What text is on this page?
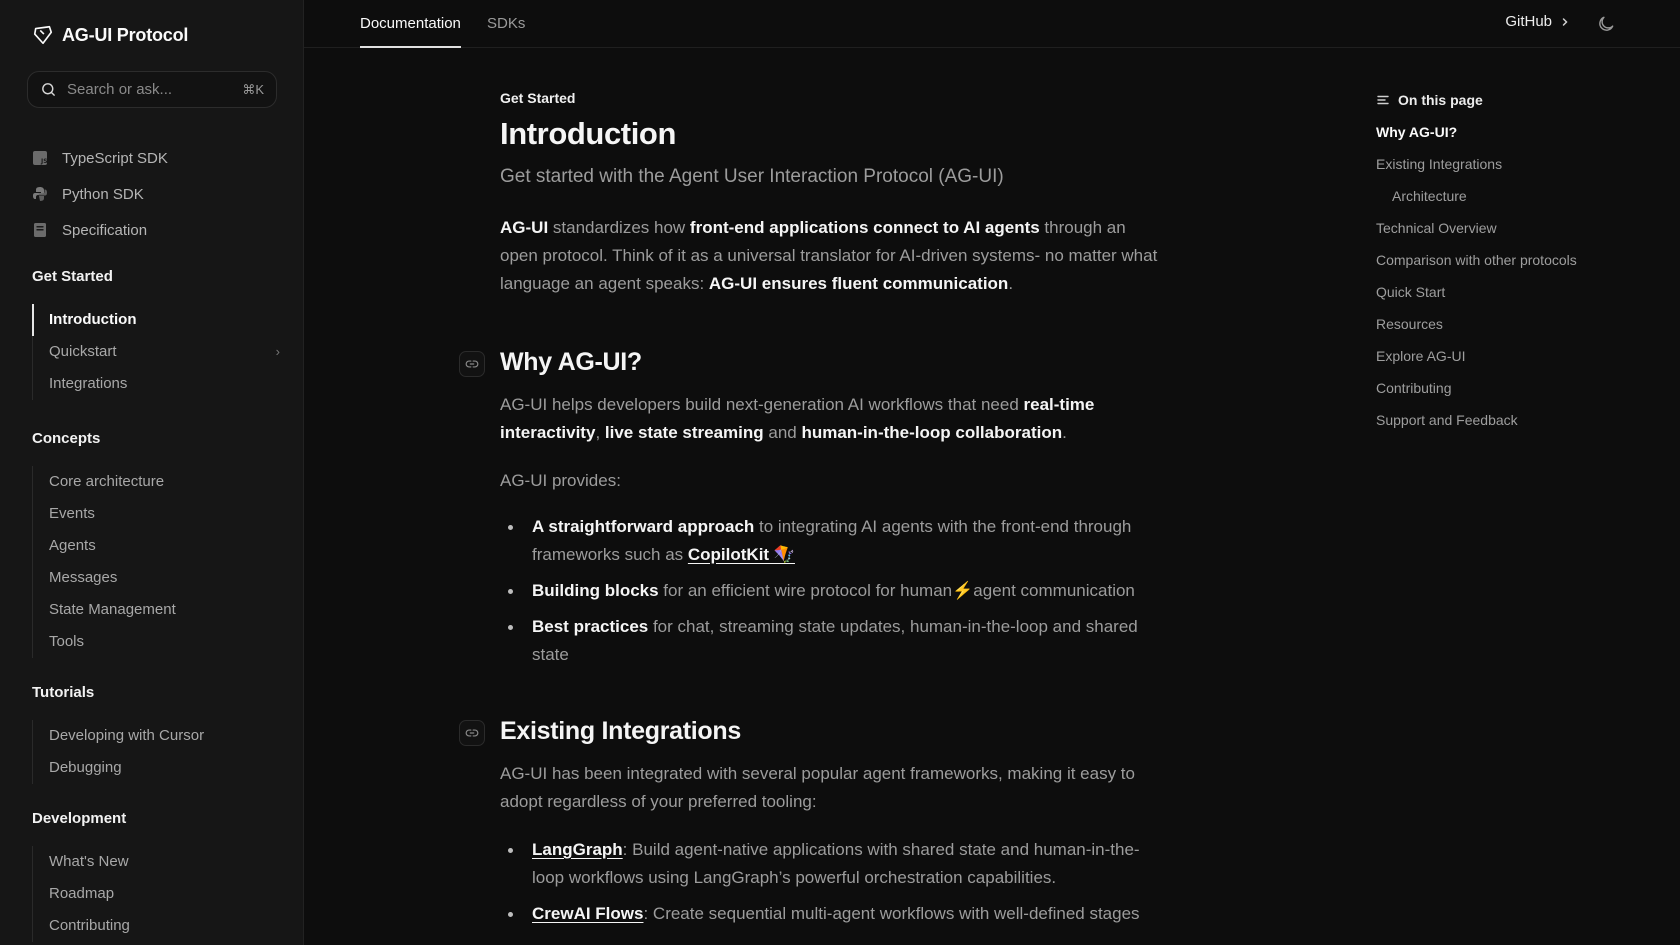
AG-UI Protocol
Search or ask...	⌘K
JS TypeScript SDK
Python SDK
Specification
Get Started
Introduction
Quickstart	›
Integrations
Concepts
Core architecture
Events
Agents
Messages
State Management
Tools
Tutorials
Developing with Cursor
Debugging
Development
What's New
Roadmap
Contributing
Documentation SDKs	GitHub
Get Started
Introduction
Get started with the Agent User Interaction Protocol (AG-UI)

AG-UI standardizes how front-end applications connect to AI agents through an open protocol. Think of it as a universal translator for AI-driven systems- no matter what language an agent speaks: AG-UI ensures fluent communication.

Why AG-UI?

AG-UI helps developers build next-generation AI workflows that need real-time interactivity, live state streaming and human-in-the-loop collaboration.

AG-UI provides:

A straightforward approach to integrating AI agents with the front-end through frameworks such as CopilotKit 🪁
Building blocks for an efficient wire protocol for human⚡️agent communication
Best practices for chat, streaming state updates, human-in-the-loop and shared state
Existing Integrations

AG-UI has been integrated with several popular agent frameworks, making it easy to adopt regardless of your preferred tooling:

LangGraph: Build agent-native applications with shared state and human-in-the-loop workflows using LangGraph’s powerful orchestration capabilities.
CrewAI Flows: Create sequential multi-agent workflows with well-defined stages
On this page
Why AG-UI?
Existing Integrations
Architecture
Technical Overview
Comparison with other protocols
Quick Start
Resources
Explore AG-UI
Contributing
Support and Feedback
